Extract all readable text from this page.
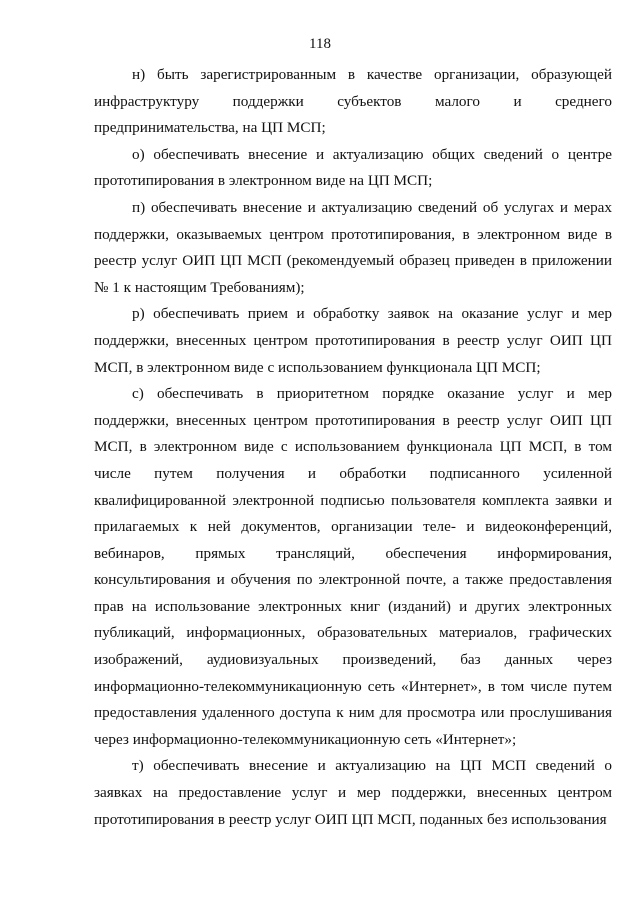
118

н) быть зарегистрированным в качестве организации, образующей инфраструктуру поддержки субъектов малого и среднего предпринимательства, на ЦП МСП;

о) обеспечивать внесение и актуализацию общих сведений о центре прототипирования в электронном виде на ЦП МСП;

п) обеспечивать внесение и актуализацию сведений об услугах и мерах поддержки, оказываемых центром прототипирования, в электронном виде в реестр услуг ОИП ЦП МСП (рекомендуемый образец приведен в приложении № 1 к настоящим Требованиям);

р) обеспечивать прием и обработку заявок на оказание услуг и мер поддержки, внесенных центром прототипирования в реестр услуг ОИП ЦП МСП, в электронном виде с использованием функционала ЦП МСП;

с) обеспечивать в приоритетном порядке оказание услуг и мер поддержки, внесенных центром прототипирования в реестр услуг ОИП ЦП МСП, в электронном виде с использованием функционала ЦП МСП, в том числе путем получения и обработки подписанного усиленной квалифицированной электронной подписью пользователя комплекта заявки и прилагаемых к ней документов, организации теле- и видеоконференций, вебинаров, прямых трансляций, обеспечения информирования, консультирования и обучения по электронной почте, а также предоставления прав на использование электронных книг (изданий) и других электронных публикаций, информационных, образовательных материалов, графических изображений, аудиовизуальных произведений, баз данных через информационно-телекоммуникационную сеть «Интернет», в том числе путем предоставления удаленного доступа к ним для просмотра или прослушивания через информационно-телекоммуникационную сеть «Интернет»;

т) обеспечивать внесение и актуализацию на ЦП МСП сведений о заявках на предоставление услуг и мер поддержки, внесенных центром прототипирования в реестр услуг ОИП ЦП МСП, поданных без использования
